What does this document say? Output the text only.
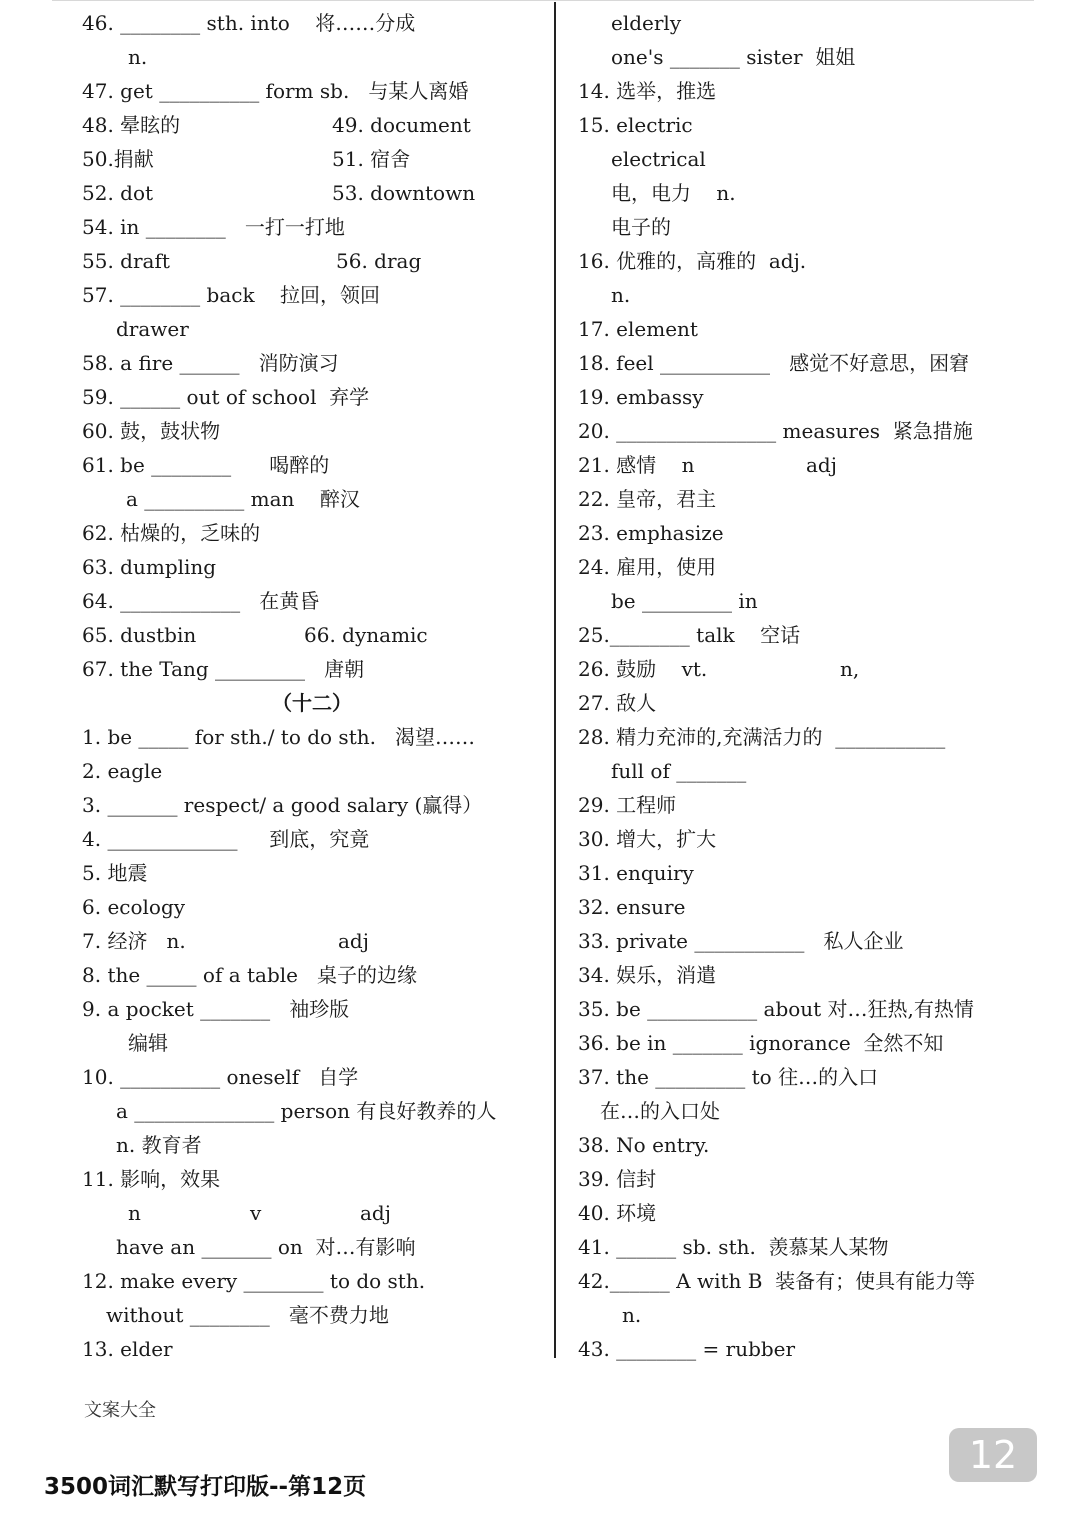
46. ________ sth. into    将……分成
n.
47. get __________ form sb.   与某人离婚
48. 晕眩的	49. document
50.捐献	51. 宿舍
52. dot	53. downtown
54. in ________   一打一打地
55. draft	56. drag
57. ________ back    拉回，领回
drawer
58. a fire ______   消防演习
59. ______ out of school  弃学
60. 鼓，鼓状物
61. be ________      喝醉的
a __________ man    醉汉
62. 枯燥的，乏味的
63. dumpling
64. ____________   在黄昏
65. dustbin	66. dynamic
67. the Tang _________   唐朝
（十二）
1. be _____ for sth./ to do sth.   渴望……
2. eagle
3. _______ respect/ a good salary (赢得）
4. _____________     到底，究竟
5. 地震
6. ecology
7. 经济   n.	adj
8. the _____ of a table   桌子的边缘
9. a pocket _______   袖珍版
编辑
10. __________ oneself   自学
a ______________ person 有良好教养的人
n. 教育者
11. 影响，效果
n	v	adj
have an _______ on  对…有影响
12. make every ________ to do sth.
without ________   毫不费力地
13. elder
elderly
one's _______ sister  姐姐
14. 选举，推选
15. electric
electrical
电，电力    n.
电子的
16. 优雅的，高雅的  adj.
n.
17. element
18. feel ___________   感觉不好意思，困窘
19. embassy
20. ________________ measures  紧急措施
21. 感情    n	adj
22. 皇帝，君主
23. emphasize
24. 雇用，使用
be _________ in
25.________ talk    空话
26. 鼓励    vt.	n,
27. 敌人
28. 精力充沛的,充满活力的  ___________
full of _______
29. 工程师
30. 增大，扩大
31. enquiry
32. ensure
33. private ___________   私人企业
34. 娱乐，消遣
35. be ___________ about 对…狂热,有热情
36. be in _______ ignorance  全然不知
37. the _________ to 往…的入口
在…的入口处
38. No entry.
39. 信封
40. 环境
41. ______ sb. sth.  羡慕某人某物
42.______ A with B  装备有；使具有能力等
n.
43. ________ = rubber
文案大全
3500词汇默写打印版--第12页
12
